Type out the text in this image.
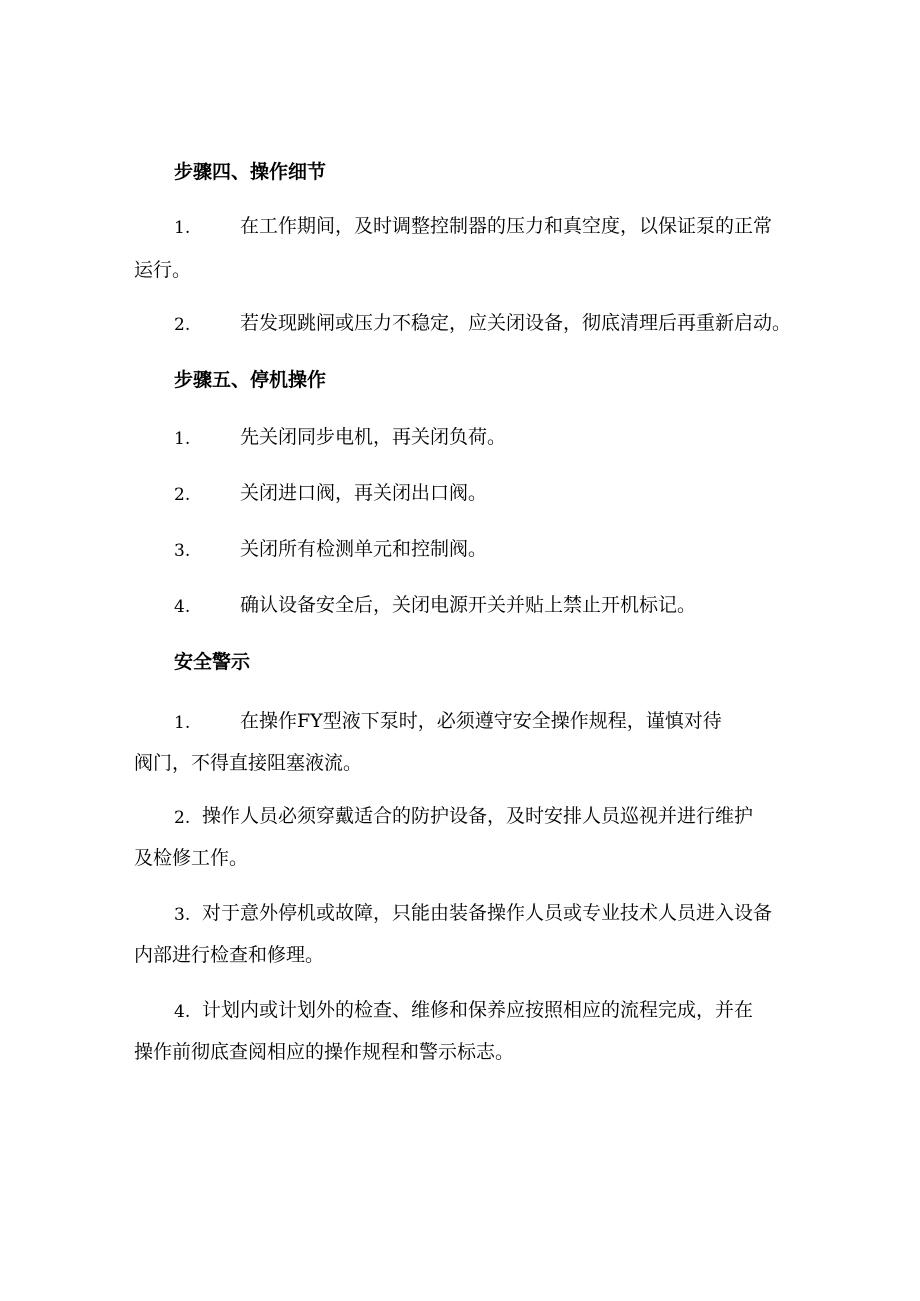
步骤四、操作细节
1.	在工作期间，及时调整控制器的压力和真空度，以保证泵的正常
运行。
2.	若发现跳闸或压力不稳定，应关闭设备，彻底清理后再重新启动。
步骤五、停机操作
1.	先关闭同步电机，再关闭负荷。
2.	关闭进口阀，再关闭出口阀。
3.	关闭所有检测单元和控制阀。
4.	确认设备安全后，关闭电源开关并贴上禁止开机标记。
安全警示
1.	在操作FY型液下泵时，必须遵守安全操作规程，谨慎对待
阀门，不得直接阻塞液流。
2. 操作人员必须穿戴适合的防护设备，及时安排人员巡视并进行维护
及检修工作。
3. 对于意外停机或故障，只能由装备操作人员或专业技术人员进入设备
内部进行检查和修理。
4. 计划内或计划外的检查、维修和保养应按照相应的流程完成，并在
操作前彻底查阅相应的操作规程和警示标志。
